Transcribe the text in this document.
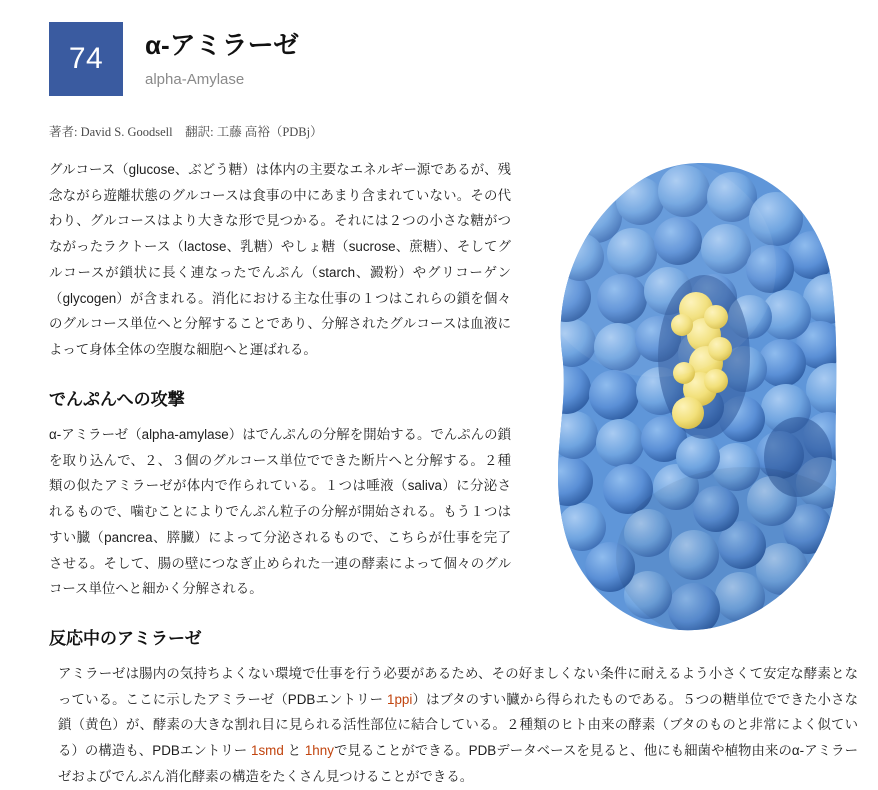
74	α-アミラーゼ
alpha-Amylase
著者: David S. Goodsell　翻訳: 工藤 高裕（PDBj）

グルコース（glucose、ぶどう糖）は体内の主要なエネルギー源であるが、残念ながら遊離状態のグルコースは食事の中にあまり含まれていない。その代わり、グルコースはより大きな形で見つかる。それには２つの小さな糖がつながったラクトース（lactose、乳糖）やしょ糖（sucrose、蔗糖）、そしてグルコースが鎖状に長く連なったでんぷん（starch、澱粉）やグリコーゲン（glycogen）が含まれる。消化における主な仕事の１つはこれらの鎖を個々のグルコース単位へと分解することであり、分解されたグルコースは血液によって身体全体の空腹な細胞へと運ばれる。

でんぷんへの攻撃

α-アミラーゼ（alpha-amylase）はでんぷんの分解を開始する。でんぷんの鎖を取り込んで、２、３個のグルコース単位でできた断片へと分解する。２種類の似たアミラーゼが体内で作られている。１つは唾液（saliva）に分泌されるもので、噛むことによりでんぷん粒子の分解が開始される。もう１つはすい臓（pancrea、膵臓）によって分泌されるもので、こちらが仕事を完了させる。そして、腸の壁につなぎ止められた一連の酵素によって個々のグルコース単位へと細かく分解される。

反応中のアミラーゼ

アミラーゼは腸内の気持ちよくない環境で仕事を行う必要があるため、その好ましくない条件に耐えるよう小さくて安定な酵素となっている。ここに示したアミラーゼ（PDBエントリー 1ppi）はブタのすい臓から得られたものである。５つの糖単位でできた小さな鎖（黄色）が、酵素の大きな割れ目に見られる活性部位に結合している。２種類のヒト由来の酵素（ブタのものと非常によく似ている）の構造も、PDBエントリー 1smd と 1hnyで見ることができる。PDBデータベースを見ると、他にも細菌や植物由来のα-アミラーゼおよびでんぷん消化酵素の構造をたくさん見つけることができる。
